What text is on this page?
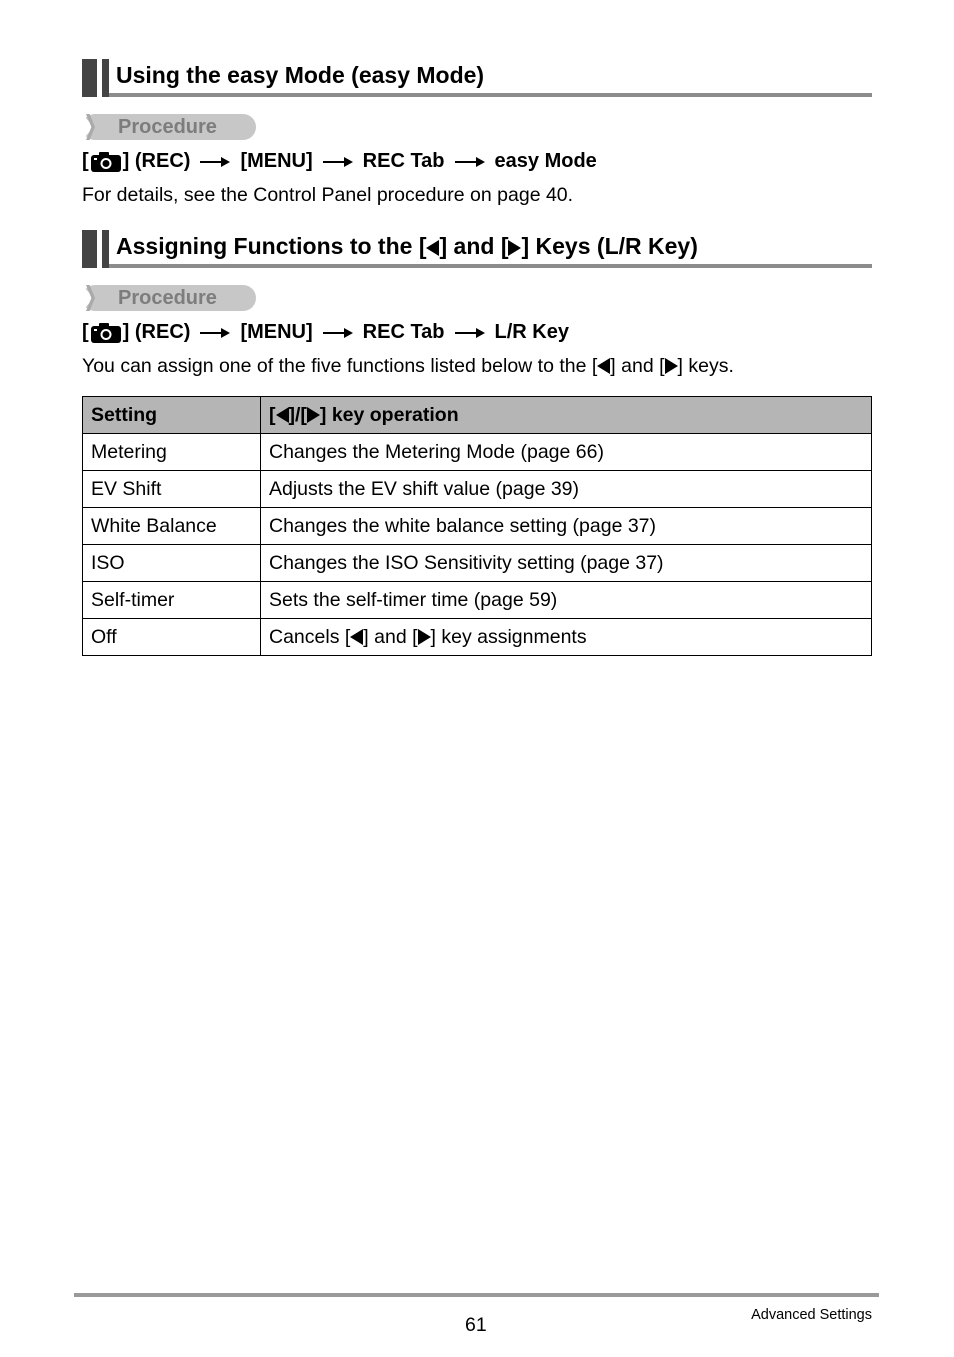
Using the easy Mode (easy Mode)
Procedure
[ ] (REC)	[MENU]	REC Tab	easy Mode
For details, see the Control Panel procedure on page 40.
Assigning Functions to the [ ] and [ ] Keys (L/R Key)
Procedure
[ ] (REC)	[MENU]	REC Tab	L/R Key
You can assign one of the five functions listed below to the [ ] and [ ] keys.
Setting	[ ]/[ ] key operation
Metering	Changes the Metering Mode (page 66)
EV Shift	Adjusts the EV shift value (page 39)
White Balance	Changes the white balance setting (page 37)
ISO	Changes the ISO Sensitivity setting (page 37)
Self-timer	Sets the self-timer time (page 59)
Off	Cancels [ ] and [ ] key assignments
61	Advanced Settings
